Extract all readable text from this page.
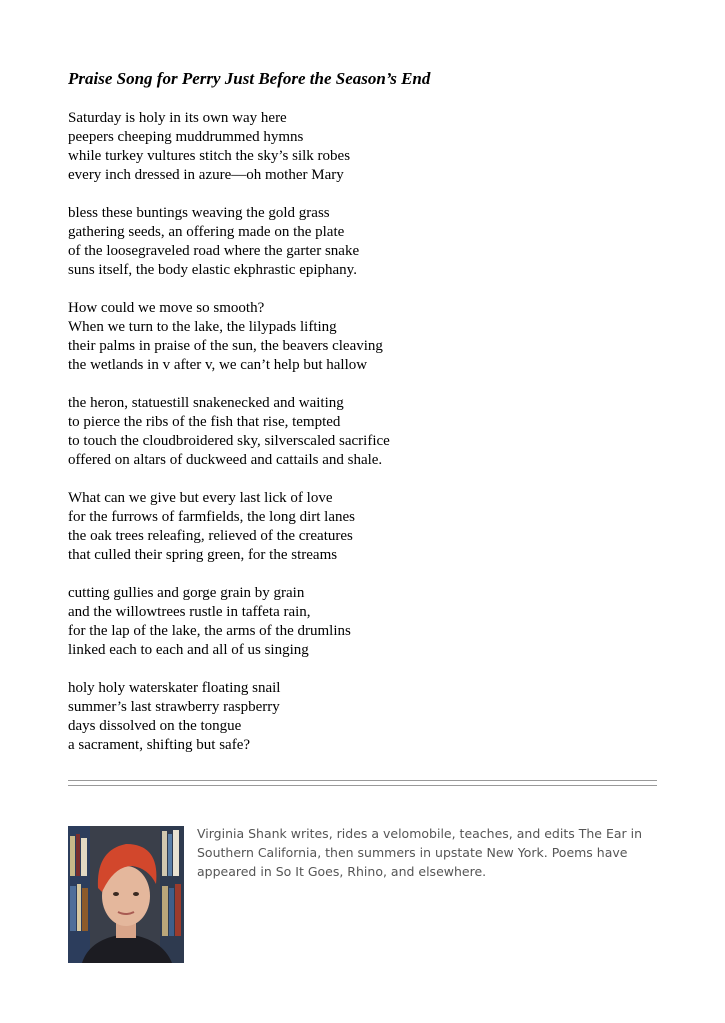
Praise Song for Perry Just Before the Season’s End
Saturday is holy in its own way here
peepers cheeping muddrummed hymns
while turkey vultures stitch the sky’s silk robes
every inch dressed in azure—oh mother Mary
bless these buntings weaving the gold grass
gathering seeds, an offering made on the plate
of the loosegraveled road where the garter snake
suns itself, the body elastic ekphrastic epiphany.
How could we move so smooth?
When we turn to the lake, the lilypads lifting
their palms in praise of the sun, the beavers cleaving
the wetlands in v after v, we can’t help but hallow
the heron, statuestill snakenecked and waiting
to pierce the ribs of the fish that rise, tempted
to touch the cloudbroidered sky, silverscaled sacrifice
offered on altars of duckweed and cattails and shale.
What can we give but every last lick of love
for the furrows of farmfields, the long dirt lanes
the oak trees releafing, relieved of the creatures
that culled their spring green, for the streams
cutting gullies and gorge grain by grain
and the willowtrees rustle in taffeta rain,
for the lap of the lake, the arms of the drumlins
linked each to each and all of us singing
holy holy waterskater floating snail
summer’s last strawberry raspberry
days dissolved on the tongue
a sacrament, shifting but safe?
Virginia Shank writes, rides a velomobile, teaches, and edits The Ear in Southern California, then summers in upstate New York. Poems have appeared in So It Goes, Rhino, and elsewhere.
